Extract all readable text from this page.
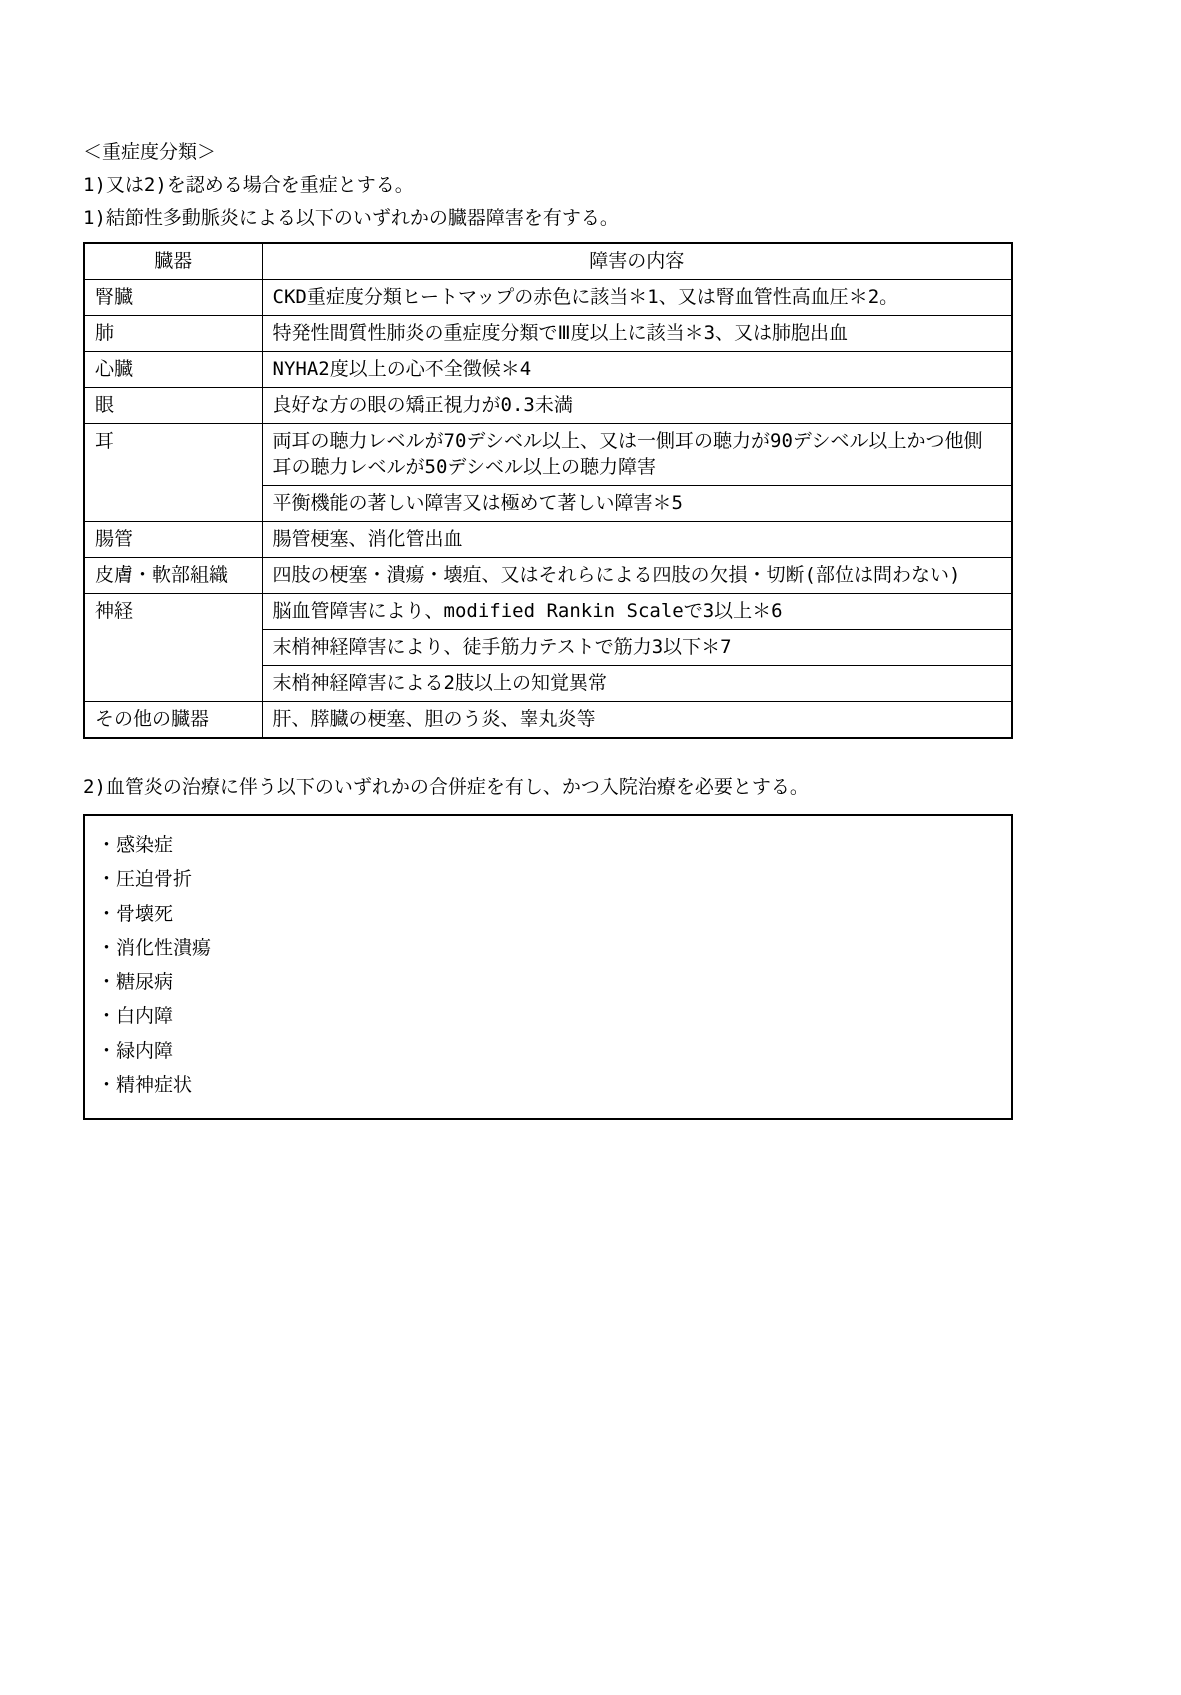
＜重症度分類＞

1)又は2)を認める場合を重症とする。

1)結節性多動脈炎による以下のいずれかの臓器障害を有する。

臓器	障害の内容
腎臓	CKD重症度分類ヒートマップの赤色に該当＊1、又は腎血管性高血圧＊2。
肺	特発性間質性肺炎の重症度分類でⅢ度以上に該当＊3、又は肺胞出血
心臓	NYHA2度以上の心不全徴候＊4
眼	良好な方の眼の矯正視力が0.3未満
耳	両耳の聴力レベルが70デシベル以上、又は一側耳の聴力が90デシベル以上かつ他側耳の聴力レベルが50デシベル以上の聴力障害
	平衡機能の著しい障害又は極めて著しい障害＊5
腸管	腸管梗塞、消化管出血
皮膚・軟部組織	四肢の梗塞・潰瘍・壊疽、又はそれらによる四肢の欠損・切断(部位は問わない)
神経	脳血管障害により、modified Rankin Scaleで3以上＊6
	末梢神経障害により、徒手筋力テストで筋力3以下＊7
	末梢神経障害による2肢以上の知覚異常
その他の臓器	肝、膵臓の梗塞、胆のう炎、睾丸炎等

2)血管炎の治療に伴う以下のいずれかの合併症を有し、かつ入院治療を必要とする。

・感染症
・圧迫骨折
・骨壊死
・消化性潰瘍
・糖尿病
・白内障
・緑内障
・精神症状
